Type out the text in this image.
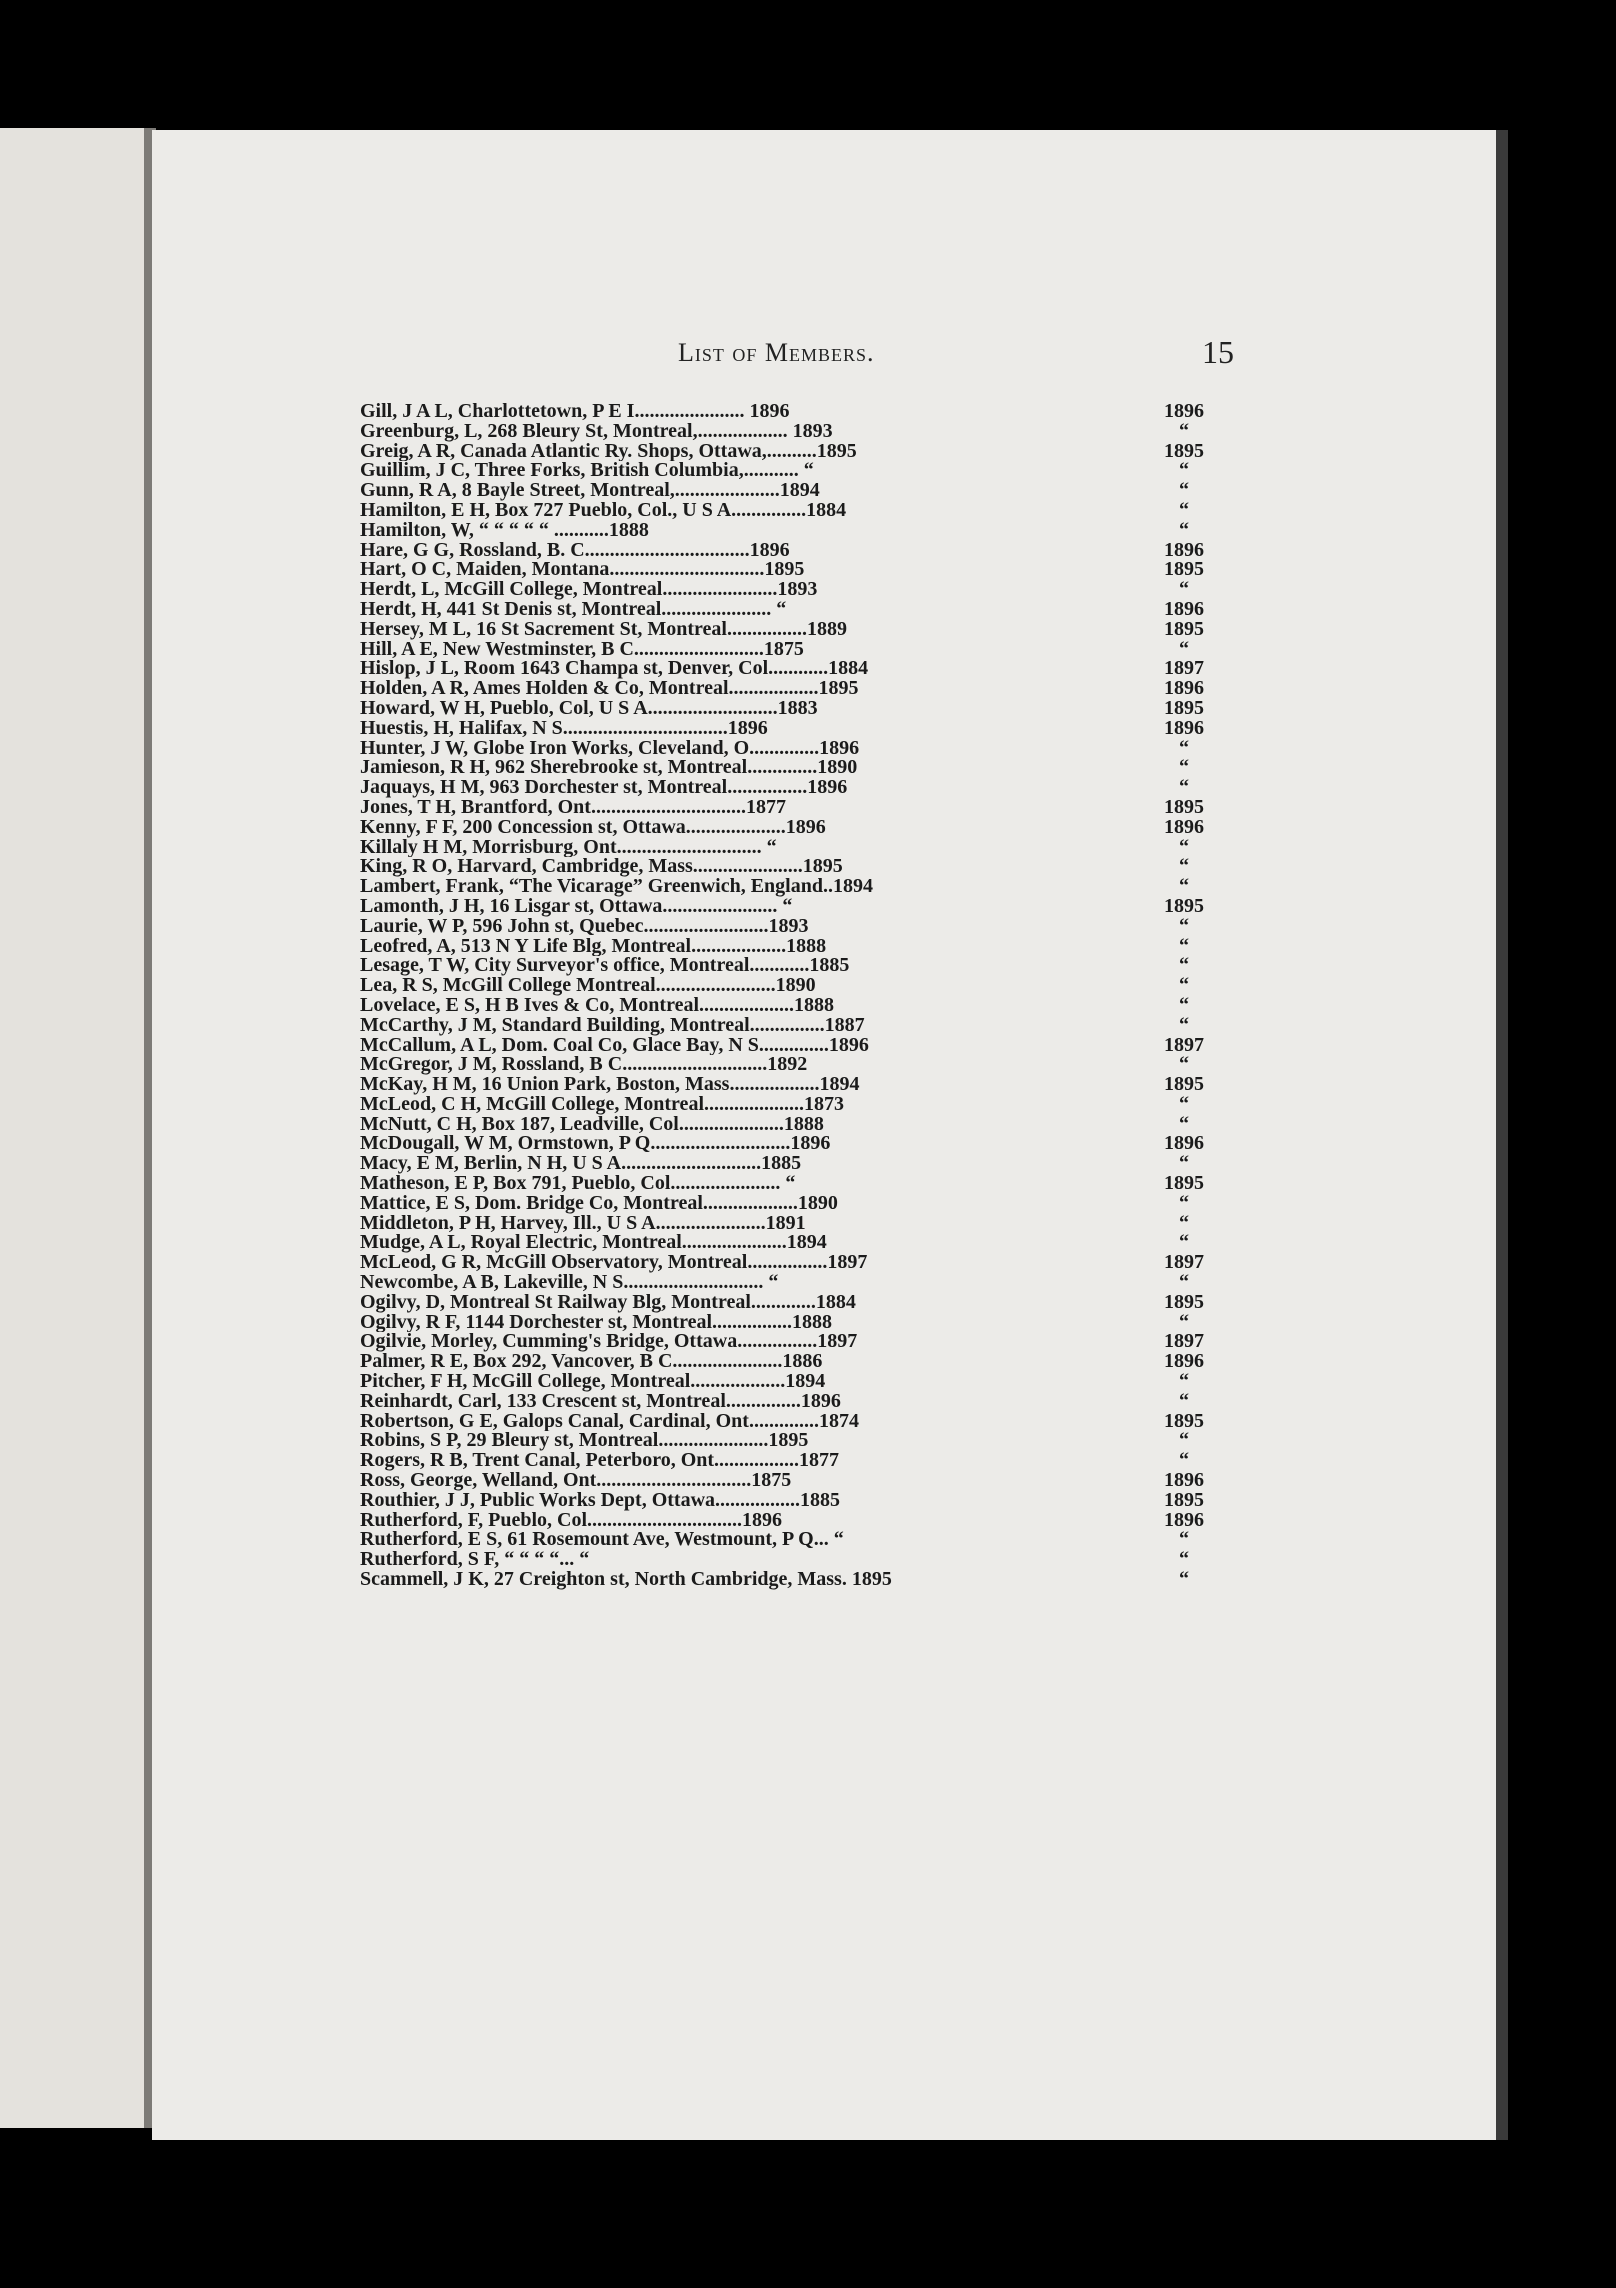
List of Members.	15
Gill, J A L, Charlottetown, P E I...................... 1896	1896
Greenburg, L, 268 Bleury St, Montreal,.................. 1893	“
Greig, A R, Canada Atlantic Ry. Shops, Ottawa,..........1895	1895
Guillim, J C, Three Forks, British Columbia,........... “	“
Gunn, R A, 8 Bayle Street, Montreal,.....................1894	“
Hamilton, E H, Box 727 Pueblo, Col., U S A...............1884	“
Hamilton, W, “ “ “ “ “ ...........1888	“
Hare, G G, Rossland, B. C.................................1896	1896
Hart, O C, Maiden, Montana...............................1895	1895
Herdt, L, McGill College, Montreal.......................1893	“
Herdt, H, 441 St Denis st, Montreal...................... “	1896
Hersey, M L, 16 St Sacrement St, Montreal................1889	1895
Hill, A E, New Westminster, B C..........................1875	“
Hislop, J L, Room 1643 Champa st, Denver, Col............1884	1897
Holden, A R, Ames Holden & Co, Montreal..................1895	1896
Howard, W H, Pueblo, Col, U S A..........................1883	1895
Huestis, H, Halifax, N S.................................1896	1896
Hunter, J W, Globe Iron Works, Cleveland, O..............1896	“
Jamieson, R H, 962 Sherebrooke st, Montreal..............1890	“
Jaquays, H M, 963 Dorchester st, Montreal................1896	“
Jones, T H, Brantford, Ont...............................1877	1895
Kenny, F F, 200 Concession st, Ottawa....................1896	1896
Killaly H M, Morrisburg, Ont............................. “	“
King, R O, Harvard, Cambridge, Mass......................1895	“
Lambert, Frank, “The Vicarage” Greenwich, England..1894	“
Lamonth, J H, 16 Lisgar st, Ottawa....................... “	1895
Laurie, W P, 596 John st, Quebec.........................1893	“
Leofred, A, 513 N Y Life Blg, Montreal...................1888	“
Lesage, T W, City Surveyor's office, Montreal............1885	“
Lea, R S, McGill College Montreal........................1890	“
Lovelace, E S, H B Ives & Co, Montreal...................1888	“
McCarthy, J M, Standard Building, Montreal...............1887	“
McCallum, A L, Dom. Coal Co, Glace Bay, N S..............1896	1897
McGregor, J M, Rossland, B C.............................1892	“
McKay, H M, 16 Union Park, Boston, Mass..................1894	1895
McLeod, C H, McGill College, Montreal....................1873	“
McNutt, C H, Box 187, Leadville, Col.....................1888	“
McDougall, W M, Ormstown, P Q............................1896	1896
Macy, E M, Berlin, N H, U S A............................1885	“
Matheson, E P, Box 791, Pueblo, Col...................... “	1895
Mattice, E S, Dom. Bridge Co, Montreal...................1890	“
Middleton, P H, Harvey, Ill., U S A......................1891	“
Mudge, A L, Royal Electric, Montreal.....................1894	“
McLeod, G R, McGill Observatory, Montreal................1897	1897
Newcombe, A B, Lakeville, N S............................ “	“
Ogilvy, D, Montreal St Railway Blg, Montreal.............1884	1895
Ogilvy, R F, 1144 Dorchester st, Montreal................1888	“
Ogilvie, Morley, Cumming's Bridge, Ottawa................1897	1897
Palmer, R E, Box 292, Vancover, B C......................1886	1896
Pitcher, F H, McGill College, Montreal...................1894	“
Reinhardt, Carl, 133 Crescent st, Montreal...............1896	“
Robertson, G E, Galops Canal, Cardinal, Ont..............1874	1895
Robins, S P, 29 Bleury st, Montreal......................1895	“
Rogers, R B, Trent Canal, Peterboro, Ont.................1877	“
Ross, George, Welland, Ont...............................1875	1896
Routhier, J J, Public Works Dept, Ottawa.................1885	1895
Rutherford, F, Pueblo, Col...............................1896	1896
Rutherford, E S, 61 Rosemount Ave, Westmount, P Q... “	“
Rutherford, S F, “ “ “ “... “	“
Scammell, J K, 27 Creighton st, North Cambridge, Mass. 1895	“
